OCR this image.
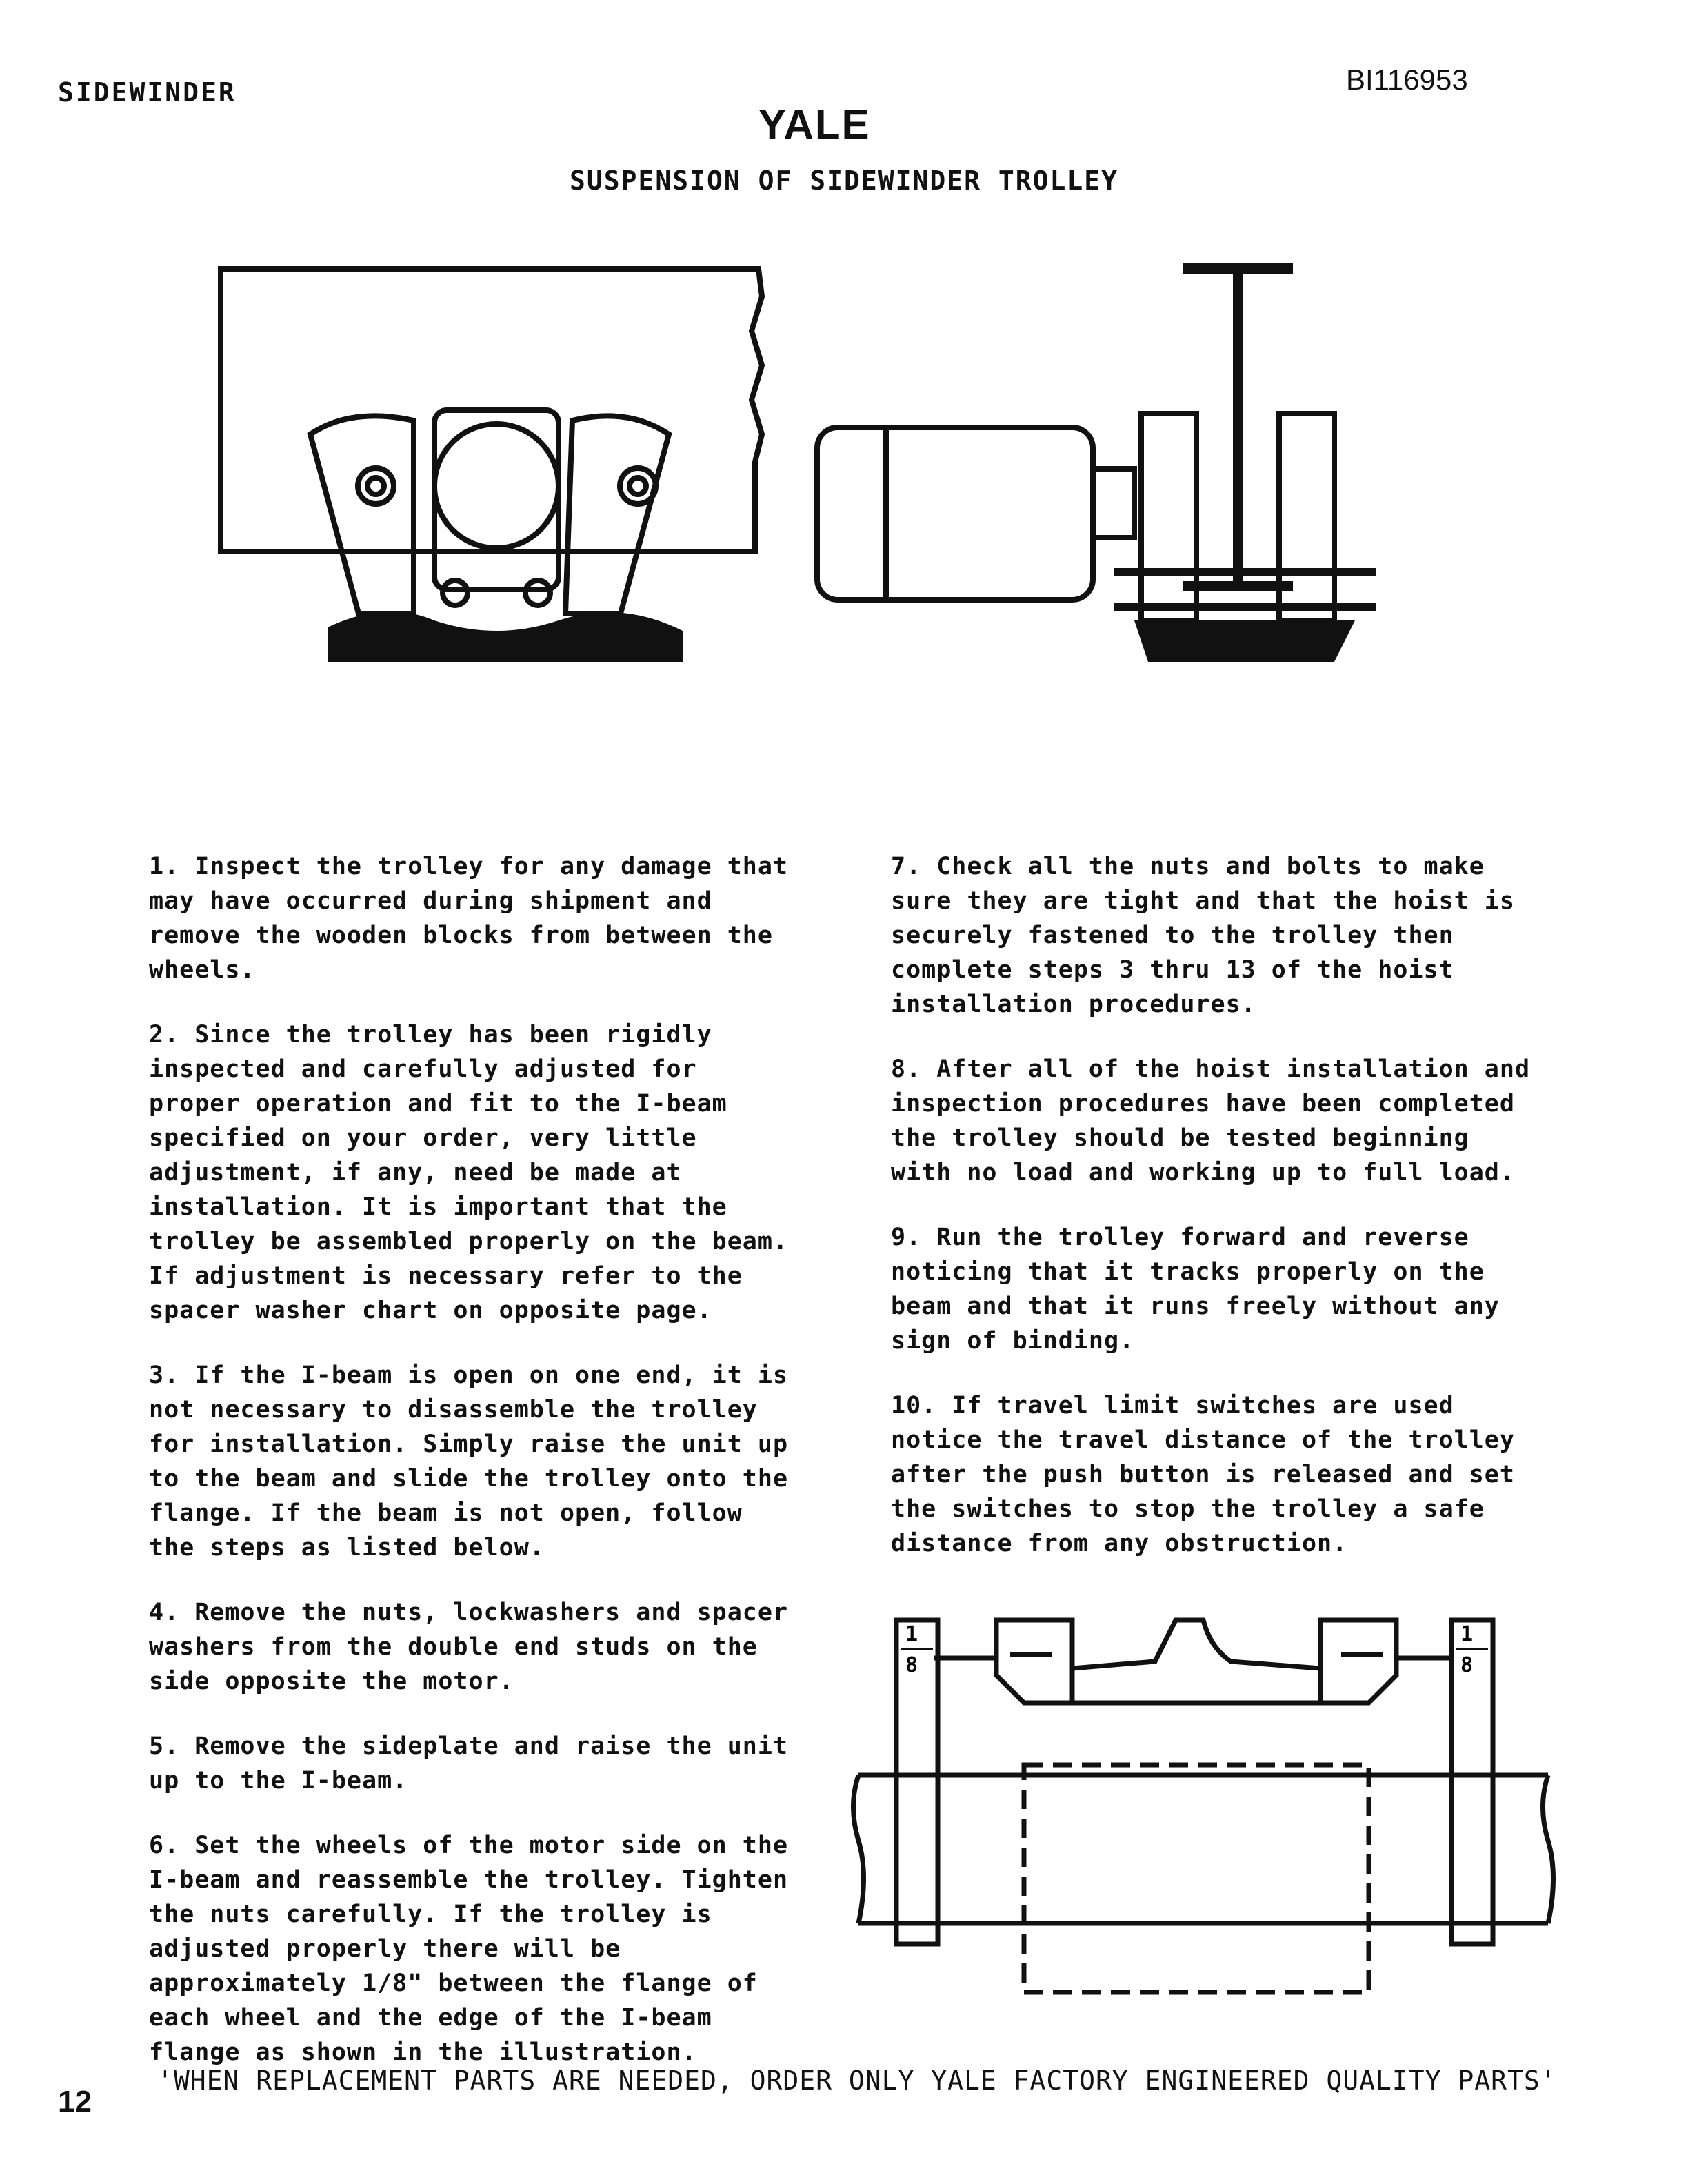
SIDEWINDER	BI116953
YALE
SUSPENSION OF SIDEWINDER TROLLEY

1. Inspect the trolley for any damage that may have occurred during shipment and remove the wooden blocks from between the wheels.

2. Since the trolley has been rigidly inspected and carefully adjusted for proper operation and fit to the I-beam specified on your order, very little adjustment, if any, need be made at installation. It is important that the trolley be assembled properly on the beam. If adjustment is necessary refer to the spacer washer chart on opposite page.

3. If the I-beam is open on one end, it is not necessary to disassemble the trolley for installation. Simply raise the unit up to the beam and slide the trolley onto the flange. If the beam is not open, follow the steps as listed below.

4. Remove the nuts, lockwashers and spacer washers from the double end studs on the side opposite the motor.

5. Remove the sideplate and raise the unit up to the I-beam.

6. Set the wheels of the motor side on the I-beam and reassemble the trolley. Tighten the nuts carefully. If the trolley is adjusted properly there will be approximately 1/8" between the flange of each wheel and the edge of the I-beam flange as shown in the illustration.

7. Check all the nuts and bolts to make sure they are tight and that the hoist is securely fastened to the trolley then complete steps 3 thru 13 of the hoist installation procedures.

8. After all of the hoist installation and inspection procedures have been completed the trolley should be tested beginning with no load and working up to full load.

9. Run the trolley forward and reverse noticing that it tracks properly on the beam and that it runs freely without any sign of binding.

10. If travel limit switches are used notice the travel distance of the trolley after the push button is released and set the switches to stop the trolley a safe distance from any obstruction.

1
8
1
8
'WHEN REPLACEMENT PARTS ARE NEEDED, ORDER ONLY YALE FACTORY ENGINEERED QUALITY PARTS'
12
